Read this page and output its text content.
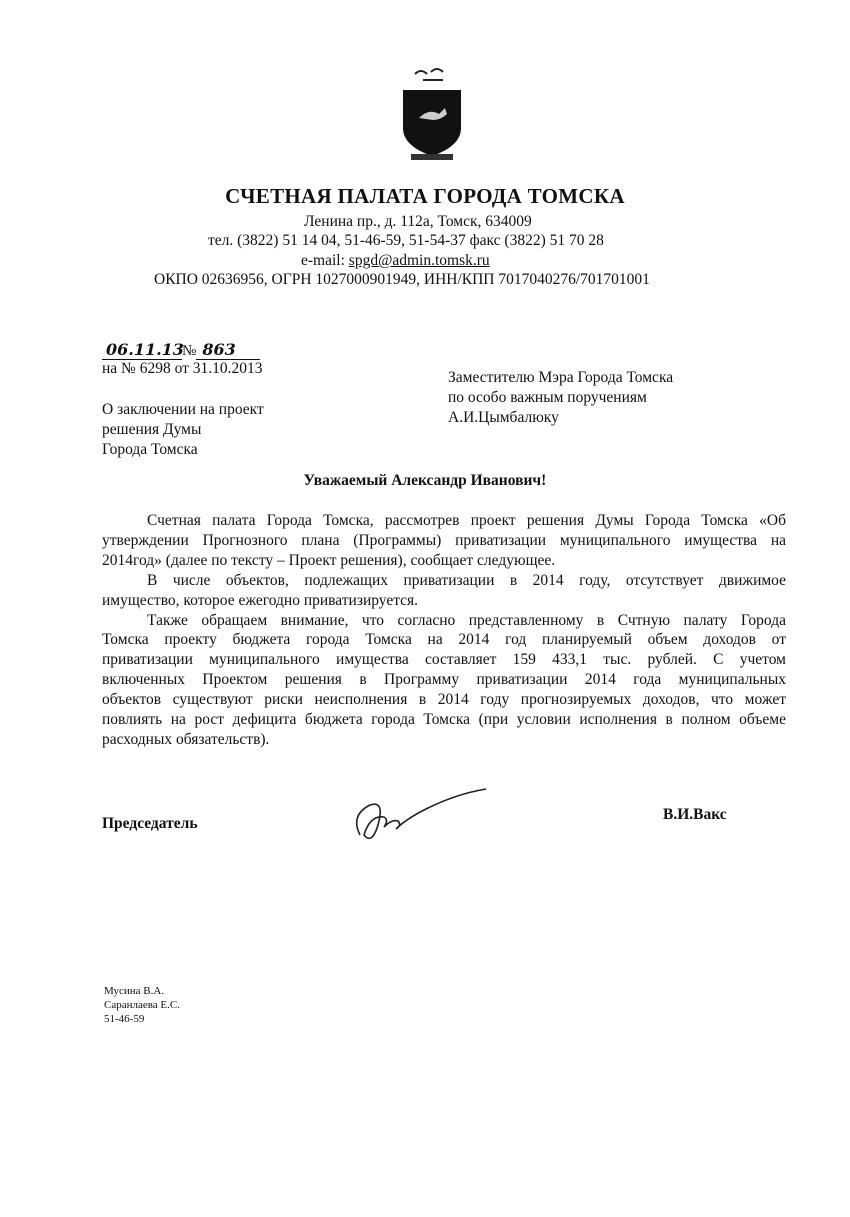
СЧЕТНАЯ ПАЛАТА ГОРОДА ТОМСКА
Ленина пр., д. 112а, Томск, 634009
тел. (3822) 51 14 04, 51-46-59, 51-54-37 факс (3822) 51 70 28
e-mail: spgd@admin.tomsk.ru
ОКПО 02636956, ОГРН 1027000901949, ИНН/КПП 7017040276/701701001
06.11.13№ 863
на № 6298 от 31.10.2013
О заключении на проект
решения Думы
Города Томска
Заместителю Мэра Города Томска
по особо важным поручениям
А.И.Цымбалюку
Уважаемый Александр Иванович!
Счетная палата Города Томска, рассмотрев проект решения Думы Города Томска «Об
утверждении Прогнозного плана (Программы) приватизации муниципального имущества на
2014год» (далее по тексту – Проект решения), сообщает следующее.
В числе объектов, подлежащих приватизации в 2014 году, отсутствует движимое
имущество, которое ежегодно приватизируется.
Также обращаем внимание, что согласно представленному в Счтную палату Города
Томска проекту бюджета города Томска на 2014 год планируемый объем доходов от
приватизации муниципального имущества составляет 159 433,1 тыс. рублей. С учетом
включенных Проектом решения в Программу приватизации 2014 года муниципальных
объектов существуют риски неисполнения в 2014 году прогнозируемых доходов, что может
повлиять на рост дефицита бюджета города Томска (при условии исполнения в полном объеме
расходных обязательств).
Председатель
В.И.Вакс
Мусина В.А.
Саранлаева Е.С.
51-46-59
